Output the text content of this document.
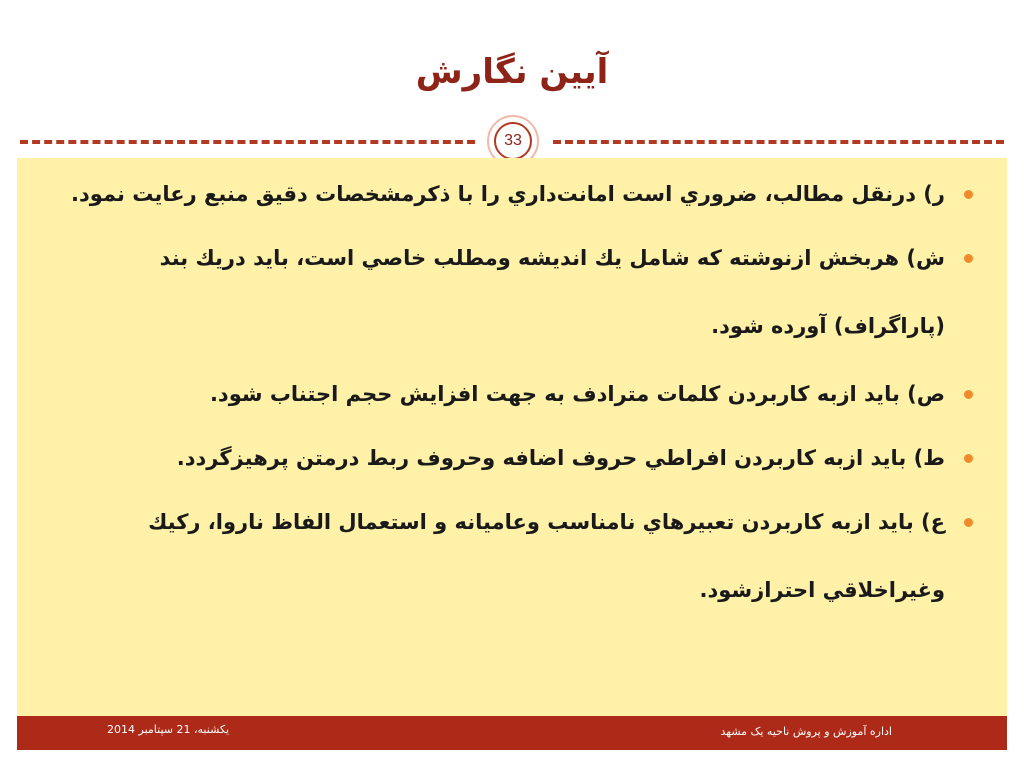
آیین نگارش
33
ر) درنقل مطالب، ضروري است امانت‌داري را با ذكرمشخصات دقيق منبع رعايت نمود.
ش) هربخش ازنوشته كه شامل يك انديشه ومطلب خاصي است، بايد دريك بند (پاراگراف) آورده شود.
ص) بايد ازبه كاربردن كلمات مترادف به جهت افزايش حجم اجتناب شود.
ط) بايد ازبه كاربردن افراطي حروف اضافه وحروف ربط درمتن پرهيزگردد.
ع) بايد ازبه كاربردن تعبيرهاي نامناسب وعاميانه و استعمال الفاظ ناروا، ركيك وغيراخلاقي احترازشود.
یکشنبه، 21 سپتامبر 2014	اداره آموزش و پروش ناحیه یک مشهد
